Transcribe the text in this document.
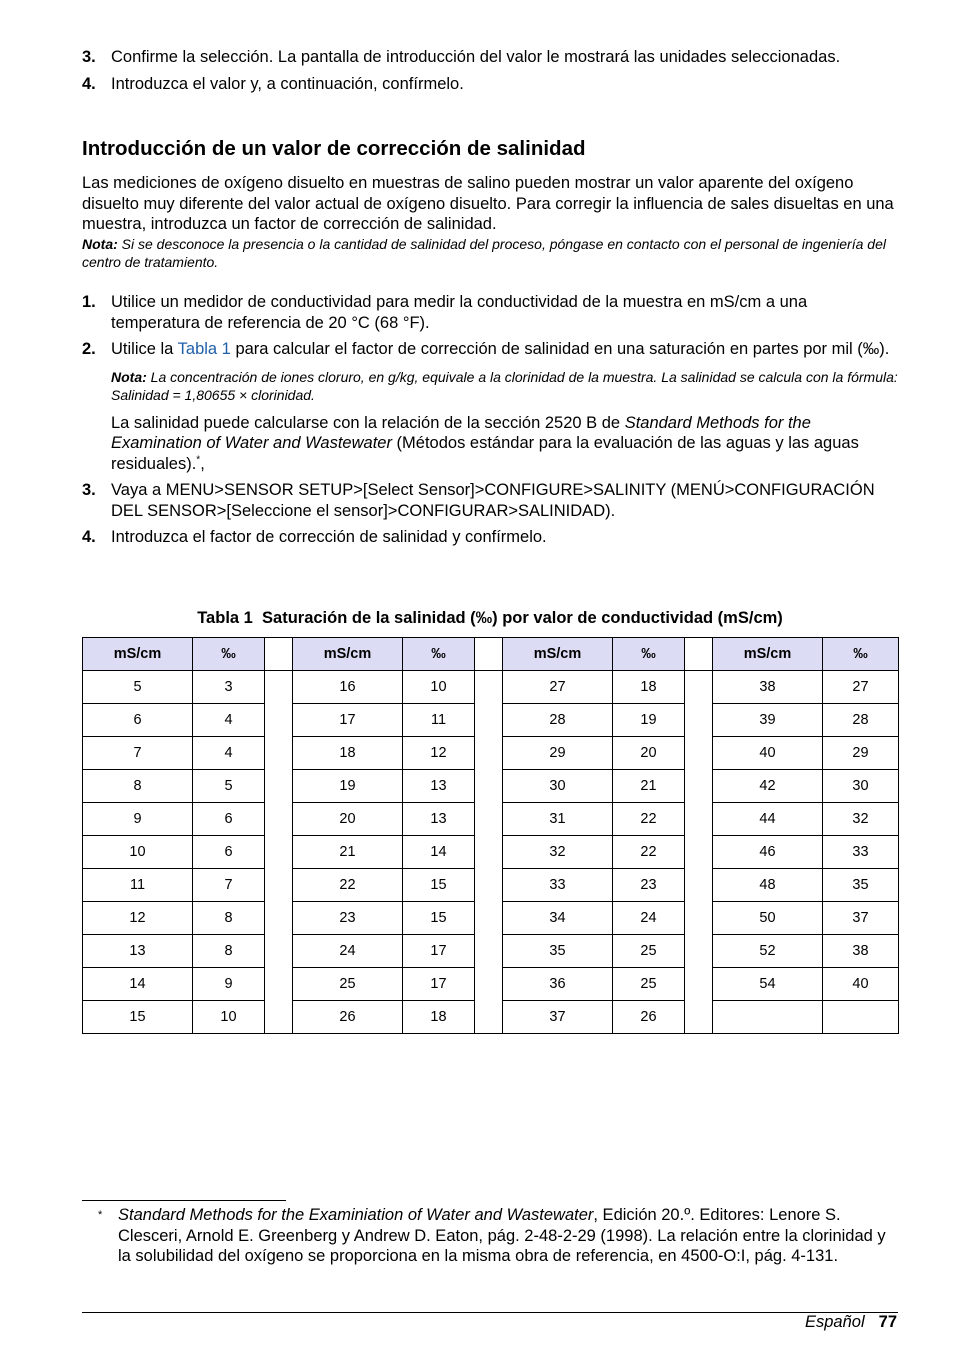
3. Confirme la selección. La pantalla de introducción del valor le mostrará las unidades seleccionadas.
4. Introduzca el valor y, a continuación, confírmelo.
Introducción de un valor de corrección de salinidad

Las mediciones de oxígeno disuelto en muestras de salino pueden mostrar un valor aparente del oxígeno disuelto muy diferente del valor actual de oxígeno disuelto. Para corregir la influencia de sales disueltas en una muestra, introduzca un factor de corrección de salinidad.

Nota: Si se desconoce la presencia o la cantidad de salinidad del proceso, póngase en contacto con el personal de ingeniería del centro de tratamiento.

1. Utilice un medidor de conductividad para medir la conductividad de la muestra en mS/cm a una temperatura de referencia de 20 °C (68 °F).
2. Utilice la Tabla 1 para calcular el factor de corrección de salinidad en una saturación en partes por mil (‰).

Nota: La concentración de iones cloruro, en g/kg, equivale a la clorinidad de la muestra. La salinidad se calcula con la fórmula: Salinidad = 1,80655 × clorinidad.

La salinidad puede calcularse con la relación de la sección 2520 B de Standard Methods for the Examination of Water and Wastewater (Métodos estándar para la evaluación de las aguas y las aguas residuales).*,

3. Vaya a MENU>SENSOR SETUP>[Select Sensor]>CONFIGURE>SALINITY (MENÚ>CONFIGURACIÓN DEL SENSOR>[Seleccione el sensor]>CONFIGURAR>SALINIDAD).
4. Introduzca el factor de corrección de salinidad y confírmelo.
Tabla 1 Saturación de la salinidad (‰) por valor de conductividad (mS/cm)
mS/cm	‰		mS/cm	‰		mS/cm	‰		mS/cm	‰
5	3		16	10		27	18		38	27
6	4		17	11		28	19		39	28
7	4		18	12		29	20		40	29
8	5		19	13		30	21		42	30
9	6		20	13		31	22		44	32
10	6		21	14		32	22		46	33
11	7		22	15		33	23		48	35
12	8		23	15		34	24		50	37
13	8		24	17		35	25		52	38
14	9		25	17		36	25		54	40
15	10		26	18		37	26			
* Standard Methods for the Examiniation of Water and Wastewater, Edición 20.º. Editores: Lenore S. Clesceri, Arnold E. Greenberg y Andrew D. Eaton, pág. 2-48-2-29 (1998). La relación entre la clorinidad y la solubilidad del oxígeno se proporciona en la misma obra de referencia, en 4500-O:I, pág. 4-131.
Español 77
